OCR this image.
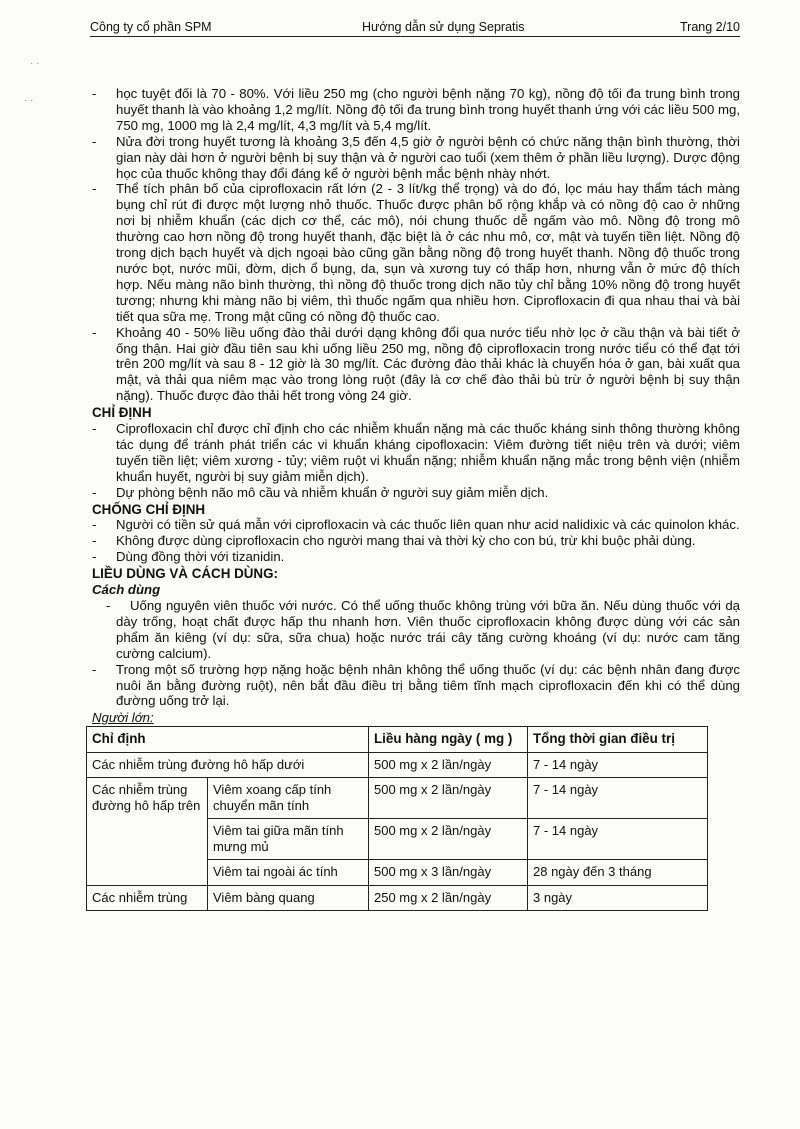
· ·
· ·
Công ty cổ phần SPM	Hướng dẫn sử dụng Sepratis	Trang 2/10
- học tuyệt đối là 70 - 80%. Với liều 250 mg (cho người bệnh nặng 70 kg), nồng độ tối đa trung bình trong huyết thanh là vào khoảng 1,2 mg/lít. Nồng độ tối đa trung bình trong huyết thanh ứng với các liều 500 mg, 750 mg, 1000 mg là 2,4 mg/lít, 4,3 mg/lít và 5,4 mg/lít.
- Nửa đời trong huyết tương là khoảng 3,5 đến 4,5 giờ ở người bệnh có chức năng thận bình thường, thời gian này dài hơn ở người bệnh bị suy thận và ở người cao tuổi (xem thêm ở phần liều lượng). Dược động học của thuốc không thay đổi đáng kể ở người bệnh mắc bệnh nhày nhớt.
- Thể tích phân bố của ciprofloxacin rất lớn (2 - 3 lít/kg thể trọng) và do đó, lọc máu hay thẩm tách màng bụng chỉ rút đi được một lượng nhỏ thuốc. Thuốc được phân bố rộng khắp và có nồng độ cao ở những nơi bị nhiễm khuẩn (các dịch cơ thể, các mô), nói chung thuốc dễ ngấm vào mô. Nồng độ trong mô thường cao hơn nồng độ trong huyết thanh, đặc biệt là ở các nhu mô, cơ, mật và tuyến tiền liệt. Nồng độ trong dịch bạch huyết và dịch ngoại bào cũng gần bằng nồng độ trong huyết thanh. Nồng độ thuốc trong nước bọt, nước mũi, đờm, dịch ổ bụng, da, sụn và xương tuy có thấp hơn, nhưng vẫn ở mức độ thích hợp. Nếu màng não bình thường, thì nồng độ thuốc trong dịch não tủy chỉ bằng 10% nồng độ trong huyết tương; nhưng khi màng não bị viêm, thì thuốc ngấm qua nhiều hơn. Ciprofloxacin đi qua nhau thai và bài tiết qua sữa mẹ. Trong mật cũng có nồng độ thuốc cao.
- Khoảng 40 - 50% liều uống đào thải dưới dạng không đổi qua nước tiểu nhờ lọc ở cầu thận và bài tiết ở ống thận. Hai giờ đầu tiên sau khi uống liều 250 mg, nồng độ ciprofloxacin trong nước tiểu có thể đạt tới trên 200 mg/lít và sau 8 - 12 giờ là 30 mg/lít. Các đường đào thải khác là chuyển hóa ở gan, bài xuất qua mật, và thải qua niêm mạc vào trong lòng ruột (đây là cơ chế đào thải bù trừ ở người bệnh bị suy thận nặng). Thuốc được đào thải hết trong vòng 24 giờ.
CHỈ ĐỊNH
- Ciprofloxacin chỉ được chỉ định cho các nhiễm khuẩn nặng mà các thuốc kháng sinh thông thường không tác dụng để tránh phát triển các vi khuẩn kháng cipofloxacin: Viêm đường tiết niệu trên và dưới; viêm tuyến tiền liệt; viêm xương - tủy; viêm ruột vi khuẩn nặng; nhiễm khuẩn nặng mắc trong bệnh viện (nhiễm khuẩn huyết, người bị suy giảm miễn dịch).
- Dự phòng bệnh não mô cầu và nhiễm khuẩn ở người suy giảm miễn dịch.
CHỐNG CHỈ ĐỊNH
- Người có tiền sử quá mẫn với ciprofloxacin và các thuốc liên quan như acid nalidixic và các quinolon khác.
- Không được dùng ciprofloxacin cho người mang thai và thời kỳ cho con bú, trừ khi buộc phải dùng.
- Dùng đồng thời với tizanidin.
LIỀU DÙNG VÀ CÁCH DÙNG:
Cách dùng
- Uống nguyên viên thuốc với nước. Có thể uống thuốc không trùng với bữa ăn. Nếu dùng thuốc với dạ dày trống, hoạt chất được hấp thu nhanh hơn. Viên thuốc ciprofloxacin không được dùng với các sản phẩm ăn kiêng (ví dụ: sữa, sữa chua) hoặc nước trái cây tăng cường khoáng (ví dụ: nước cam tăng cường calcium).
- Trong một số trường hợp nặng hoặc bệnh nhân không thể uống thuốc (ví dụ: các bệnh nhân đang được nuôi ăn bằng đường ruột), nên bắt đầu điều trị bằng tiêm tĩnh mạch ciprofloxacin đến khi có thể dùng đường uống trở lại.
Người lớn:
Chỉ định		Liều hàng ngày ( mg )	Tổng thời gian điều trị
Các nhiễm trùng đường hô hấp dưới		500 mg x 2 lần/ngày	7 - 14 ngày
Các nhiễm trùng đường hô hấp trên	Viêm xoang cấp tính chuyển mãn tính	500 mg x 2 lần/ngày	7 - 14 ngày
	Viêm tai giữa mãn tính mưng mủ	500 mg x 2 lần/ngày	7 - 14 ngày
	Viêm tai ngoài ác tính	500 mg x 3 lần/ngày	28 ngày đến 3 tháng
Các nhiễm trùng	Viêm bàng quang	250 mg x 2 lần/ngày	3 ngày
